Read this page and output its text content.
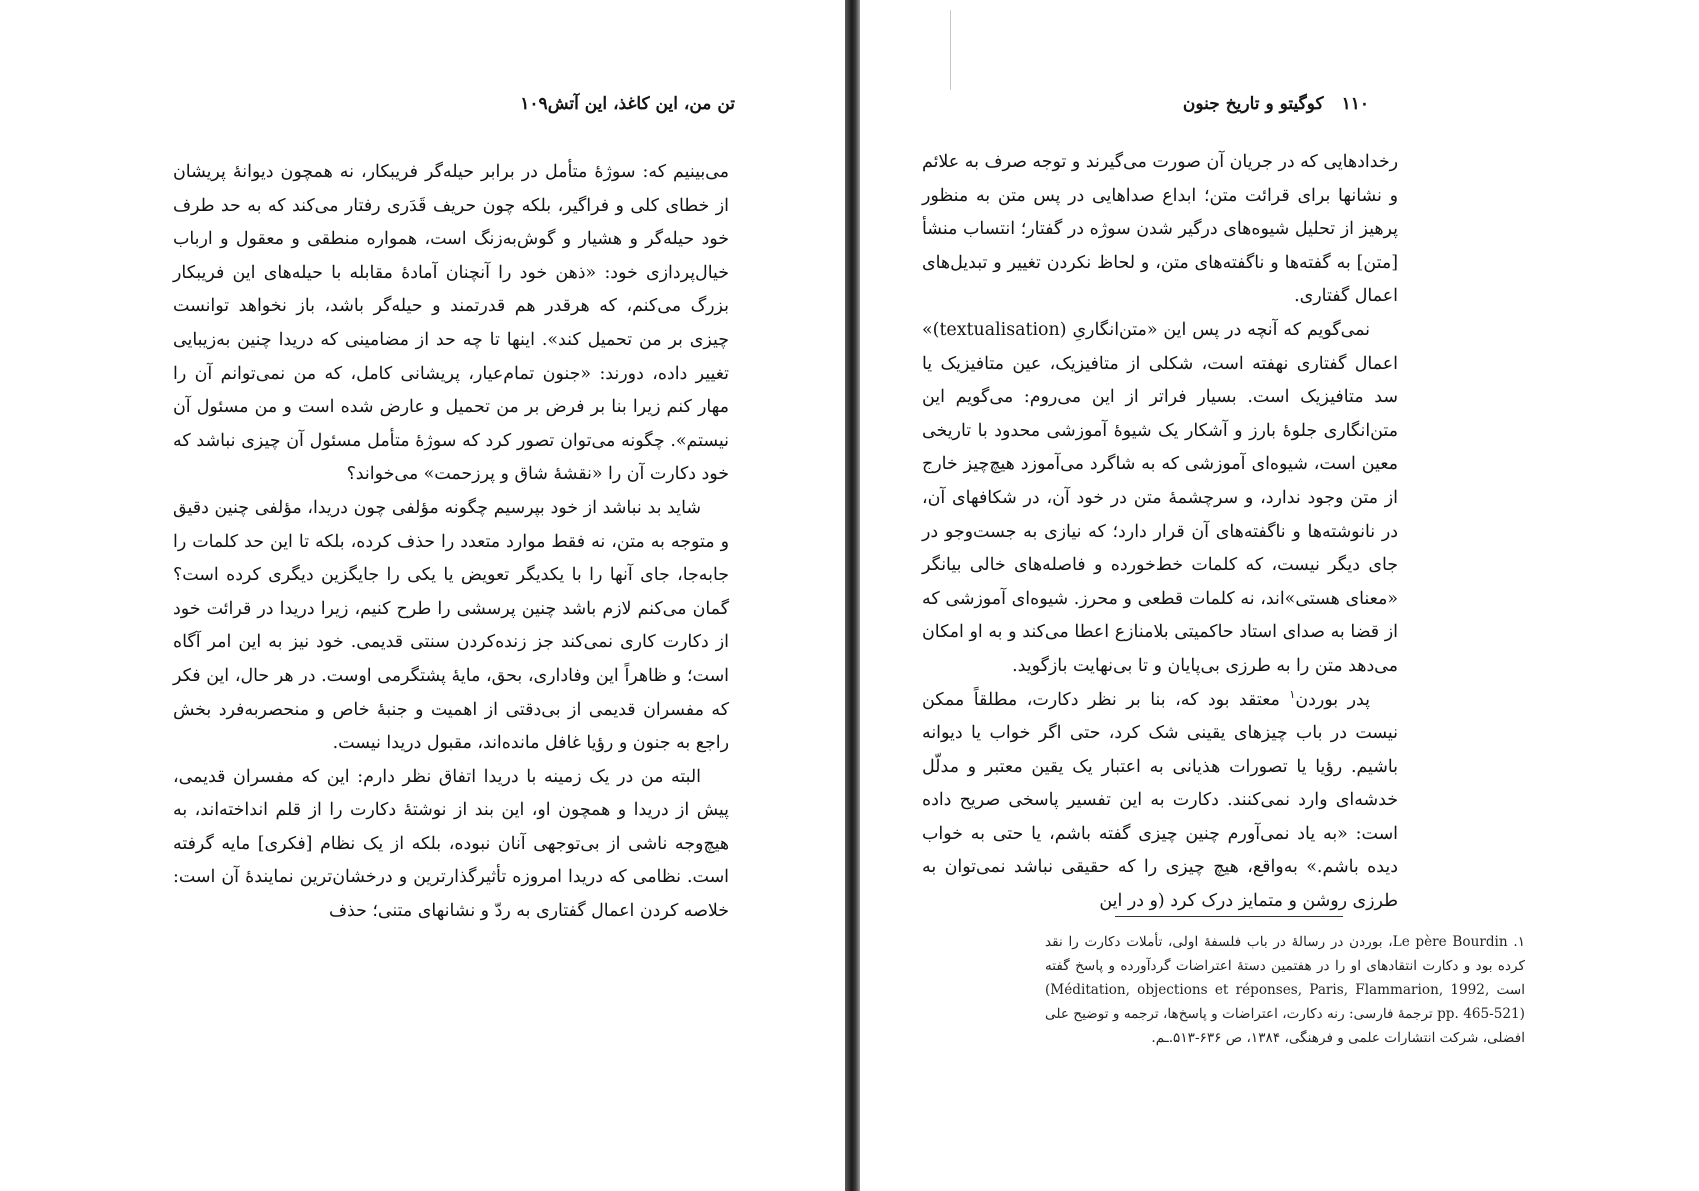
تن من، این کاغذ، این آتش۱۰۹

می‌بینیم که: سوژهٔ متأمل در برابر حیله‌گر فریبکار، نه همچون دیوانهٔ پریشان از خطای کلی و فراگیر، بلکه چون حریف قَدَری رفتار می‌کند که به حد طرف خود حیله‌گر و هشیار و گوش‌به‌زنگ است، همواره منطقی و معقول و ارباب خیال‌پردازی خود: «ذهن خود را آنچنان آمادهٔ مقابله با حیله‌های این فریبکار بزرگ می‌کنم، که هرقدر هم قدرتمند و حیله‌گر باشد، باز نخواهد توانست چیزی بر من تحمیل کند». اینها تا چه حد از مضامینی که دریدا چنین به‌زیبایی تغییر داده، دورند: «جنون تمام‌عیار، پریشانی کامل، که من نمی‌توانم آن را مهار کنم زیرا بنا بر فرض بر من تحمیل و عارض شده است و من مسئول آن نیستم». چگونه می‌توان تصور کرد که سوژهٔ متأمل مسئول آن چیزی نباشد که خود دکارت آن را «نقشهٔ شاق و پرزحمت» می‌خواند؟

شاید بد نباشد از خود بپرسیم چگونه مؤلفی چون دریدا، مؤلفی چنین دقیق و متوجه به متن، نه فقط موارد متعدد را حذف کرده، بلکه تا این حد کلمات را جابه‌جا، جای آنها را با یکدیگر تعویض یا یکی را جایگزین دیگری کرده است؟ گمان می‌کنم لازم باشد چنین پرسشی را طرح کنیم، زیرا دریدا در قرائت خود از دکارت کاری نمی‌کند جز زنده‌کردن سنتی قدیمی. خود نیز به این امر آگاه است؛ و ظاهراً این وفاداری، بحق، مایهٔ پشتگرمی اوست. در هر حال، این فکر که مفسران قدیمی از بی‌دقتی از اهمیت و جنبهٔ خاص و منحصربه‌فرد بخش راجع به جنون و رؤیا غافل مانده‌اند، مقبول دریدا نیست.

البته من در یک زمینه با دریدا اتفاق نظر دارم: این که مفسران قدیمی، پیش از دریدا و همچون او، این بند از نوشتهٔ دکارت را از قلم انداخته‌اند، به هیچ‌وجه ناشی از بی‌توجهی آنان نبوده، بلکه از یک نظام [فکری] مایه گرفته است. نظامی که دریدا امروزه تأثیرگذارترین و درخشان‌ترین نمایندهٔ آن است: خلاصه کردن اعمال گفتاری به ردّ و نشانهای متنی؛ حذف

۱۱۰کوگیتو و تاریخ جنون

رخدادهایی که در جریان آن صورت می‌گیرند و توجه صرف به علائم و نشانها برای قرائت متن؛ ابداع صداهایی در پس متن به منظور پرهیز از تحلیل شیوه‌های درگیر شدن سوژه در گفتار؛ انتساب منشأ [متن] به گفته‌ها و ناگفته‌های متن، و لحاظ نکردن تغییر و تبدیل‌های اعمال گفتاری.

نمی‌گویم که آنچه در پس این «متن‌انگاریِ (textualisation)» اعمال گفتاری نهفته است، شکلی از متافیزیک، عین متافیزیک یا سد متافیزیک است. بسیار فراتر از این می‌روم: می‌گویم این متن‌انگاری جلوهٔ بارز و آشکار یک شیوهٔ آموزشی محدود با تاریخی معین است، شیوه‌ای آموزشی که به شاگرد می‌آموزد هیچ‌چیز خارج از متن وجود ندارد، و سرچشمهٔ متن در خود آن، در شکافهای آن، در نانوشته‌ها و ناگفته‌های آن قرار دارد؛ که نیازی به جست‌وجو در جای دیگر نیست، که کلمات خط‌خورده و فاصله‌های خالی بیانگر «معنای هستی»اند، نه کلمات قطعی و محرز. شیوه‌ای آموزشی که از قضا به صدای استاد حاکمیتی بلامنازع اعطا می‌کند و به او امکان می‌دهد متن را به طرزی بی‌پایان و تا بی‌نهایت بازگوید.

پدر بوردن$^۱$ معتقد بود که، بنا بر نظر دکارت، مطلقاً ممکن نیست در باب چیزهای یقینی شک کرد، حتی اگر خواب یا دیوانه باشیم. رؤیا یا تصورات هذیانی به اعتبار یک یقین معتبر و مدلّل خدشه‌ای وارد نمی‌کنند. دکارت به این تفسیر پاسخی صریح داده است: «به یاد نمی‌آورم چنین چیزی گفته باشم، یا حتی به خواب دیده باشم.» به‌واقع، هیچ چیزی را که حقیقی نباشد نمی‌توان به طرزی روشن و متمایز درک کرد (و در این

۱. Le père Bourdin، بوردن در رسالهٔ در باب فلسفهٔ اولی، تأملات دکارت را نقد کرده بود و دکارت انتقادهای او را در هفتمین دستهٔ اعتراضات گردآورده و پاسخ گفته است (Méditation, objections et réponses, Paris, Flammarion, 1992, pp. 465-521) ترجمهٔ فارسی: رنه دکارت، اعتراضات و پاسخ‌ها، ترجمه و توضیح علی افضلی، شرکت انتشارات علمی و فرهنگی، ۱۳۸۴، ص ۶۳۶-۵۱۳.ـم.
